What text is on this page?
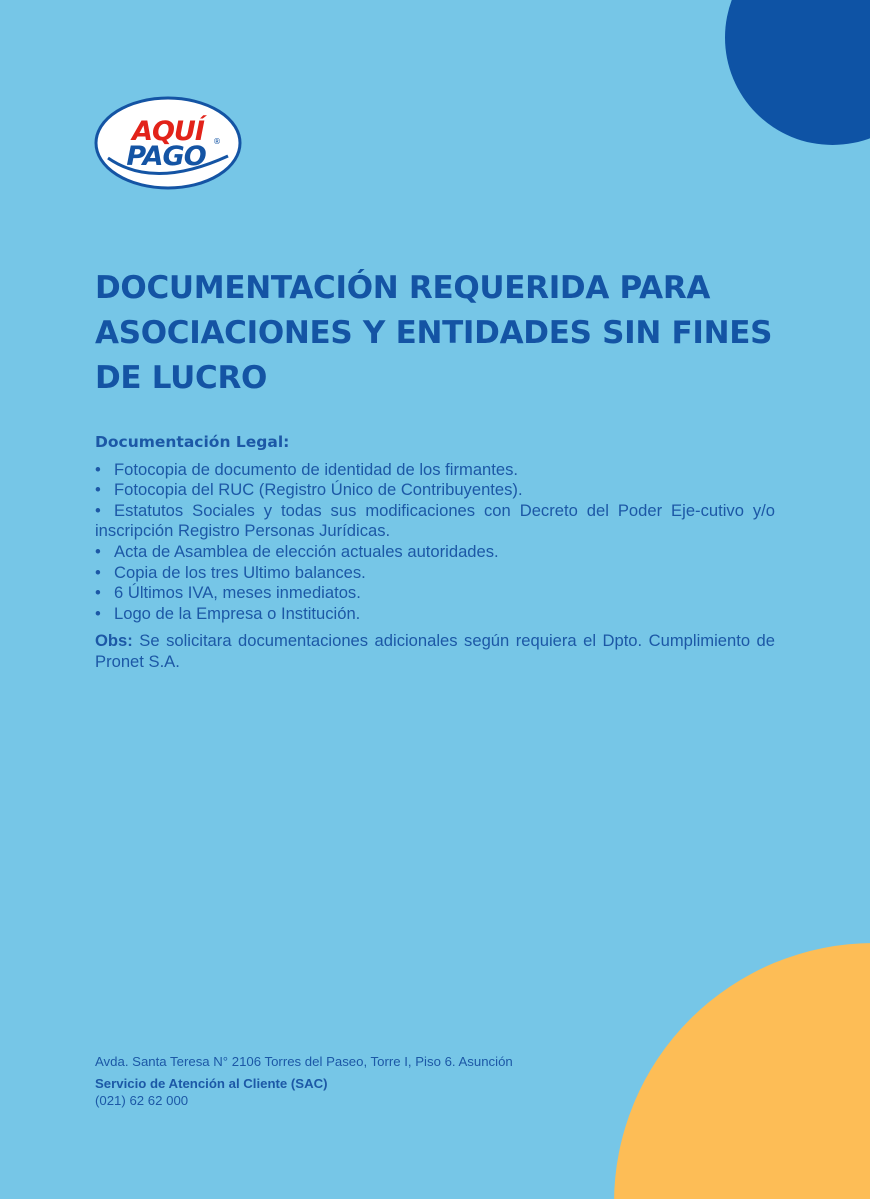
AQUÍ
PAGO ®
DOCUMENTACIÓN REQUERIDA PARA ASOCIACIONES Y ENTIDADES SIN FINES DE LUCRO
Documentación Legal:
• Fotocopia de documento de identidad de los firmantes.
• Fotocopia del RUC (Registro Único de Contribuyentes).
• Estatutos Sociales y todas sus modificaciones con Decreto del Poder Eje-cutivo y/o inscripción Registro Personas Jurídicas.
• Acta de Asamblea de elección actuales autoridades.
• Copia de los tres Ultimo balances.
• 6 Últimos IVA, meses inmediatos.
• Logo de la Empresa o Institución.

Obs: Se solicitara documentaciones adicionales según requiera el Dpto. Cumplimiento de Pronet S.A.

Avda. Santa Teresa N° 2106 Torres del Paseo, Torre I, Piso 6. Asunción
Servicio de Atención al Cliente (SAC)
(021) 62 62 000
